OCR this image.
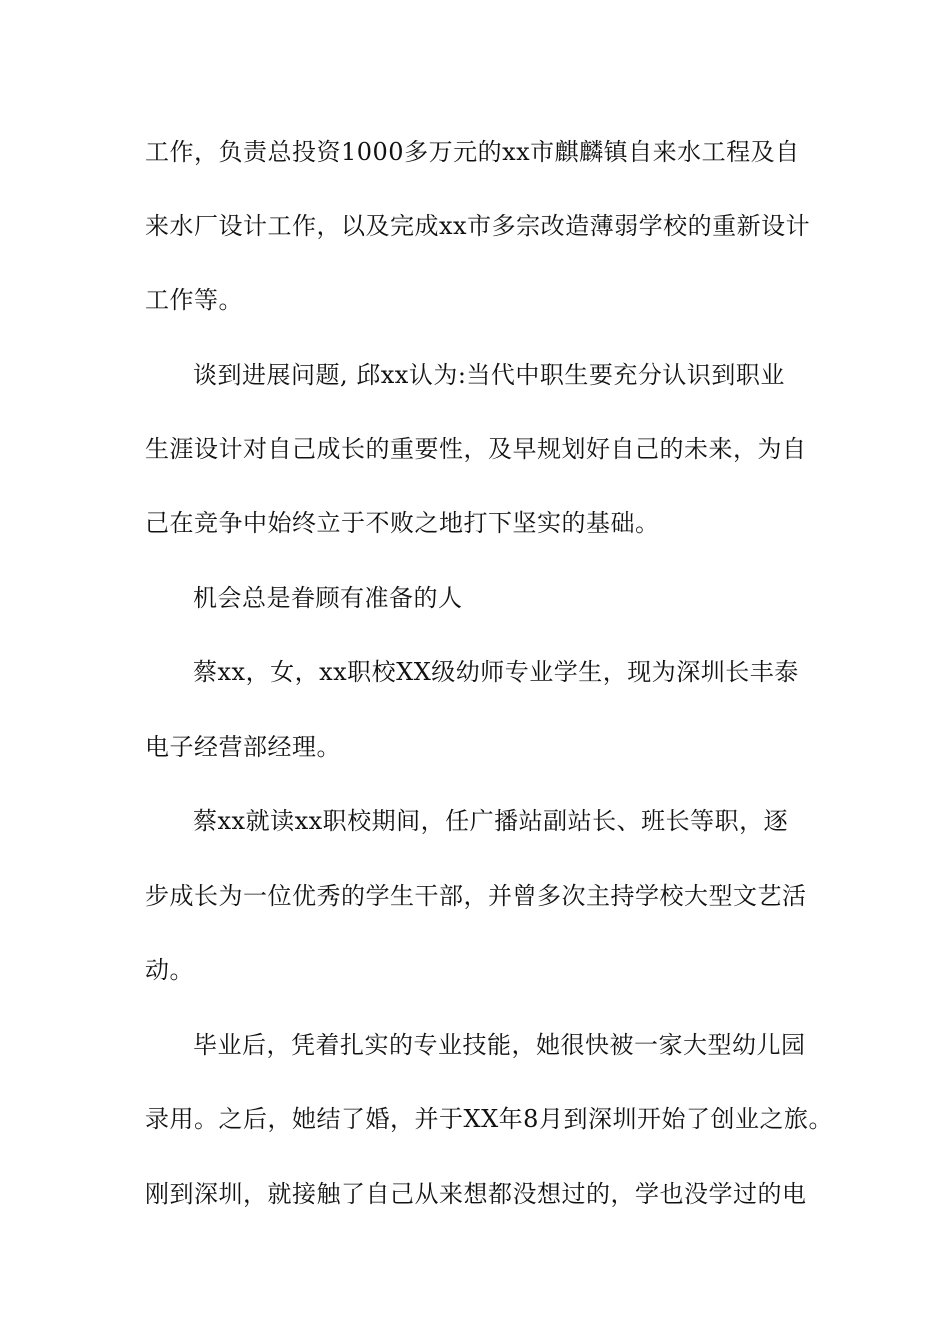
工作，负责总投资1000多万元的xx市麒麟镇自来水工程及自
来水厂设计工作，以及完成xx市多宗改造薄弱学校的重新设计
工作等。
谈到进展问题, 邱xx认为:当代中职生要充分认识到职业
生涯设计对自己成长的重要性，及早规划好自己的未来，为自
己在竞争中始终立于不败之地打下坚实的基础。
机会总是眷顾有准备的人
蔡xx，女，xx职校XX级幼师专业学生，现为深圳长丰泰
电子经营部经理。
蔡xx就读xx职校期间，任广播站副站长、班长等职，逐
步成长为一位优秀的学生干部，并曾多次主持学校大型文艺活
动。
毕业后，凭着扎实的专业技能，她很快被一家大型幼儿园
录用。之后，她结了婚，并于XX年8月到深圳开始了创业之旅。
刚到深圳，就接触了自己从来想都没想过的，学也没学过的电
